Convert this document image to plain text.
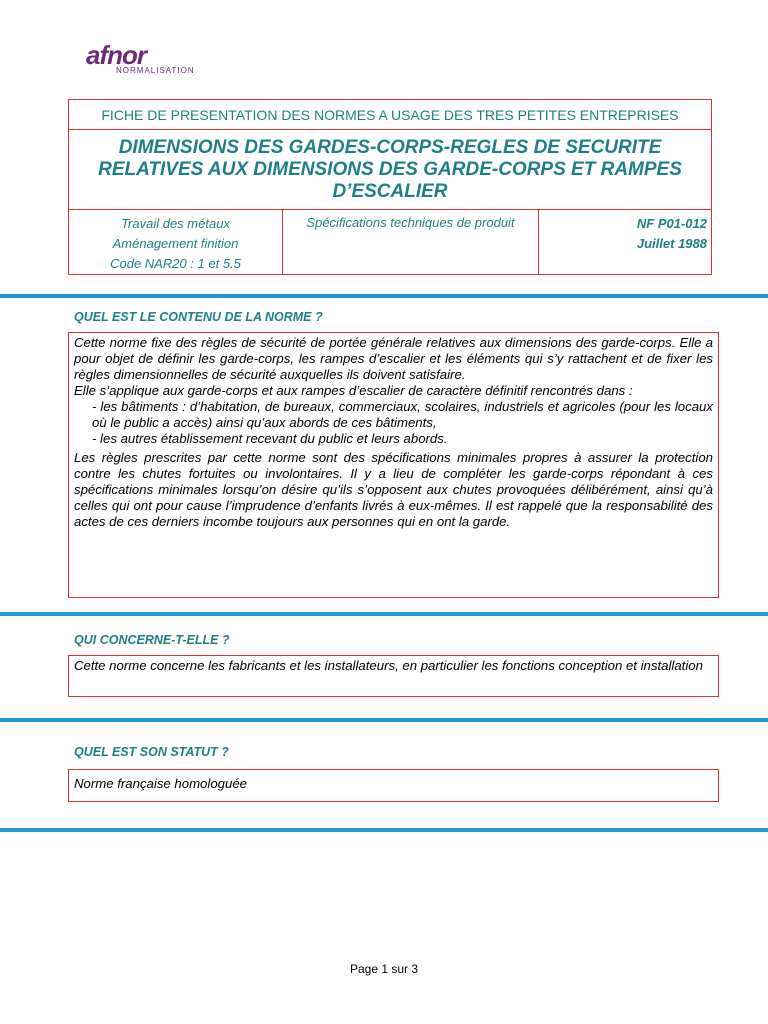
afnor
NORMALISATION
FICHE DE PRESENTATION DES NORMES A USAGE DES TRES PETITES ENTREPRISES
DIMENSIONS DES GARDES-CORPS-REGLES DE SECURITE RELATIVES AUX DIMENSIONS DES GARDE-CORPS ET RAMPES D’ESCALIER
Travail des métaux
Aménagement finition
Code NAR20 : 1 et 5.5
Spécifications techniques de produit	NF P01-012
Juillet 1988
QUEL EST LE CONTENU DE LA NORME ?

Cette norme fixe des règles de sécurité de portée générale relatives aux dimensions des garde-corps. Elle a pour objet de définir les garde-corps, les rampes d’escalier et les éléments qui s’y rattachent et de fixer les règles dimensionnelles de sécurité auxquelles ils doivent satisfaire.

Elle s’applique aux garde-corps et aux rampes d’escalier de caractère définitif rencontrés dans :

- les bâtiments : d’habitation, de bureaux, commerciaux, scolaires, industriels et agricoles (pour les locaux où le public a accès) ainsi qu’aux abords de ces bâtiments,

- les autres établissement recevant du public et leurs abords.

Les règles prescrites par cette norme sont des spécifications minimales propres à assurer la protection contre les chutes fortuites ou involontaires. Il y a lieu de compléter les garde-corps répondant à ces spécifications minimales lorsqu’on désire qu’ils s’opposent aux chutes provoquées délibérément, ainsi qu’à celles qui ont pour cause l’imprudence d’enfants livrés à eux-mêmes. Il est rappelé que la responsabilité des actes de ces derniers incombe toujours aux personnes qui en ont la garde.

QUI CONCERNE-T-ELLE ?

Cette norme concerne les fabricants et les installateurs, en particulier les fonctions conception et installation

QUEL EST SON STATUT ?

Norme française homologuée

Page 1 sur 3
